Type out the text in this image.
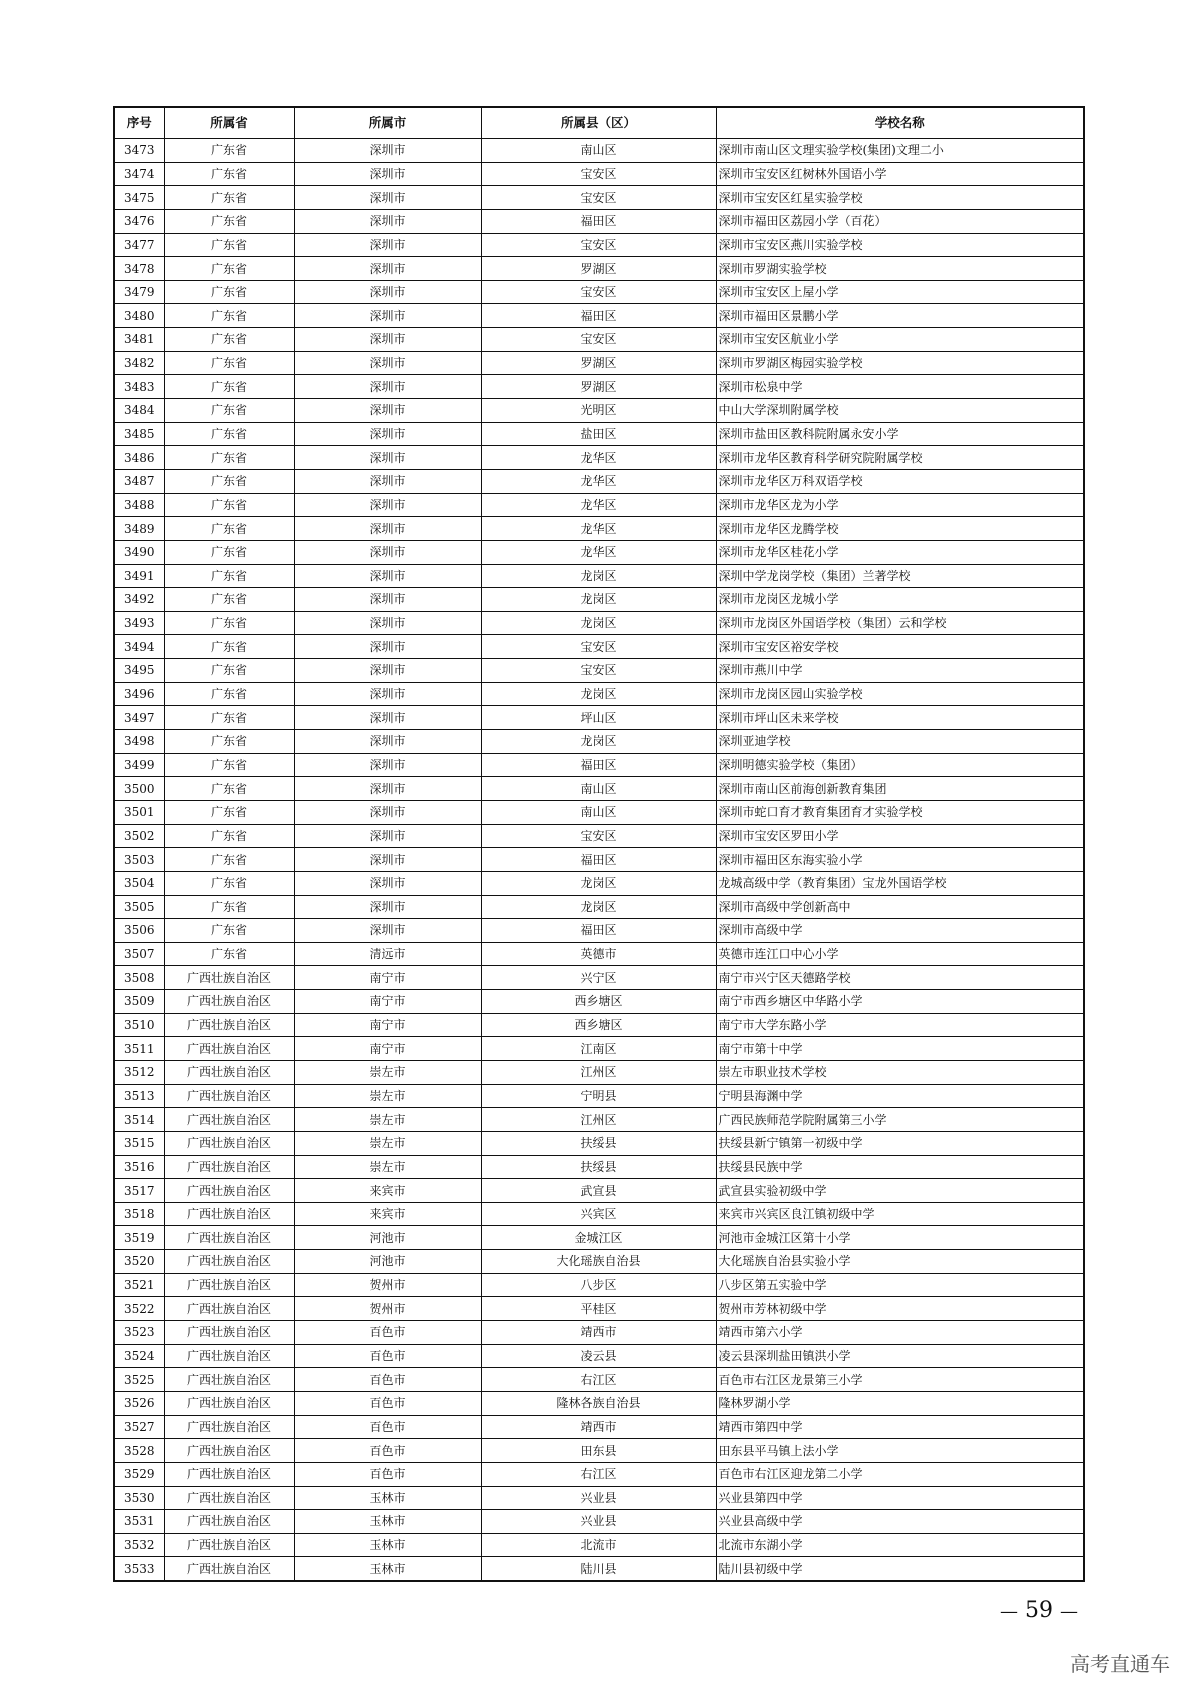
序号	所属省	所属市	所属县（区）	学校名称
3473	广东省	深圳市	南山区	深圳市南山区文理实验学校(集团)文理二小
3474	广东省	深圳市	宝安区	深圳市宝安区红树林外国语小学
3475	广东省	深圳市	宝安区	深圳市宝安区红星实验学校
3476	广东省	深圳市	福田区	深圳市福田区荔园小学（百花）
3477	广东省	深圳市	宝安区	深圳市宝安区燕川实验学校
3478	广东省	深圳市	罗湖区	深圳市罗湖实验学校
3479	广东省	深圳市	宝安区	深圳市宝安区上屋小学
3480	广东省	深圳市	福田区	深圳市福田区景鹏小学
3481	广东省	深圳市	宝安区	深圳市宝安区航业小学
3482	广东省	深圳市	罗湖区	深圳市罗湖区梅园实验学校
3483	广东省	深圳市	罗湖区	深圳市松泉中学
3484	广东省	深圳市	光明区	中山大学深圳附属学校
3485	广东省	深圳市	盐田区	深圳市盐田区教科院附属永安小学
3486	广东省	深圳市	龙华区	深圳市龙华区教育科学研究院附属学校
3487	广东省	深圳市	龙华区	深圳市龙华区万科双语学校
3488	广东省	深圳市	龙华区	深圳市龙华区龙为小学
3489	广东省	深圳市	龙华区	深圳市龙华区龙腾学校
3490	广东省	深圳市	龙华区	深圳市龙华区桂花小学
3491	广东省	深圳市	龙岗区	深圳中学龙岗学校（集团）兰著学校
3492	广东省	深圳市	龙岗区	深圳市龙岗区龙城小学
3493	广东省	深圳市	龙岗区	深圳市龙岗区外国语学校（集团）云和学校
3494	广东省	深圳市	宝安区	深圳市宝安区裕安学校
3495	广东省	深圳市	宝安区	深圳市燕川中学
3496	广东省	深圳市	龙岗区	深圳市龙岗区园山实验学校
3497	广东省	深圳市	坪山区	深圳市坪山区未来学校
3498	广东省	深圳市	龙岗区	深圳亚迪学校
3499	广东省	深圳市	福田区	深圳明德实验学校（集团）
3500	广东省	深圳市	南山区	深圳市南山区前海创新教育集团
3501	广东省	深圳市	南山区	深圳市蛇口育才教育集团育才实验学校
3502	广东省	深圳市	宝安区	深圳市宝安区罗田小学
3503	广东省	深圳市	福田区	深圳市福田区东海实验小学
3504	广东省	深圳市	龙岗区	龙城高级中学（教育集团）宝龙外国语学校
3505	广东省	深圳市	龙岗区	深圳市高级中学创新高中
3506	广东省	深圳市	福田区	深圳市高级中学
3507	广东省	清远市	英德市	英德市连江口中心小学
3508	广西壮族自治区	南宁市	兴宁区	南宁市兴宁区天德路学校
3509	广西壮族自治区	南宁市	西乡塘区	南宁市西乡塘区中华路小学
3510	广西壮族自治区	南宁市	西乡塘区	南宁市大学东路小学
3511	广西壮族自治区	南宁市	江南区	南宁市第十中学
3512	广西壮族自治区	崇左市	江州区	崇左市职业技术学校
3513	广西壮族自治区	崇左市	宁明县	宁明县海渊中学
3514	广西壮族自治区	崇左市	江州区	广西民族师范学院附属第三小学
3515	广西壮族自治区	崇左市	扶绥县	扶绥县新宁镇第一初级中学
3516	广西壮族自治区	崇左市	扶绥县	扶绥县民族中学
3517	广西壮族自治区	来宾市	武宣县	武宣县实验初级中学
3518	广西壮族自治区	来宾市	兴宾区	来宾市兴宾区良江镇初级中学
3519	广西壮族自治区	河池市	金城江区	河池市金城江区第十小学
3520	广西壮族自治区	河池市	大化瑶族自治县	大化瑶族自治县实验小学
3521	广西壮族自治区	贺州市	八步区	八步区第五实验中学
3522	广西壮族自治区	贺州市	平桂区	贺州市芳林初级中学
3523	广西壮族自治区	百色市	靖西市	靖西市第六小学
3524	广西壮族自治区	百色市	凌云县	凌云县深圳盐田镇洪小学
3525	广西壮族自治区	百色市	右江区	百色市右江区龙景第三小学
3526	广西壮族自治区	百色市	隆林各族自治县	隆林罗湖小学
3527	广西壮族自治区	百色市	靖西市	靖西市第四中学
3528	广西壮族自治区	百色市	田东县	田东县平马镇上法小学
3529	广西壮族自治区	百色市	右江区	百色市右江区迎龙第二小学
3530	广西壮族自治区	玉林市	兴业县	兴业县第四中学
3531	广西壮族自治区	玉林市	兴业县	兴业县高级中学
3532	广西壮族自治区	玉林市	北流市	北流市东湖小学
3533	广西壮族自治区	玉林市	陆川县	陆川县初级中学
— 59 —
高考直通车
